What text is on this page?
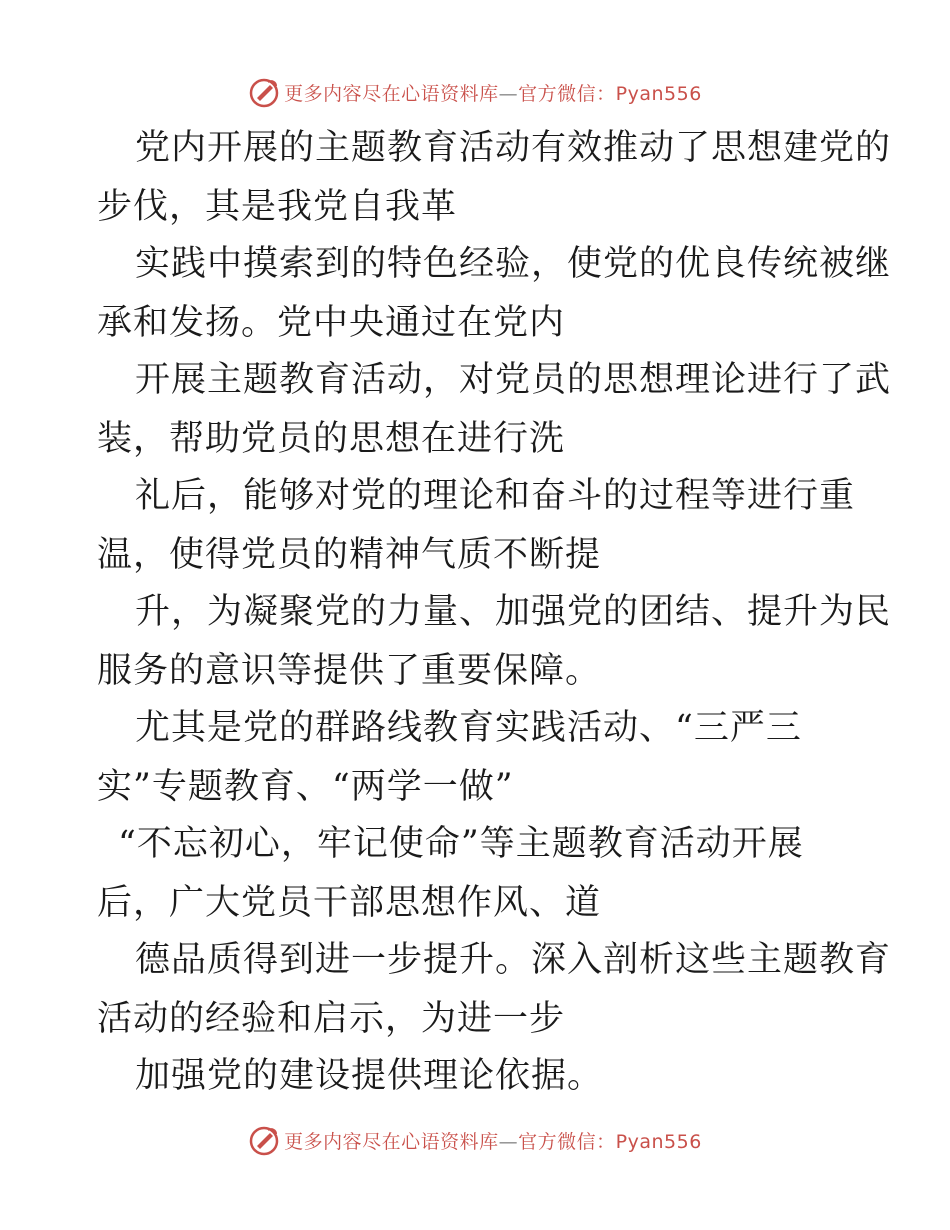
更多内容尽在心语资料库—官方微信：Pyan556
党内开展的主题教育活动有效推动了思想建党的
步伐，其是我党自我革
实践中摸索到的特色经验，使党的优良传统被继
承和发扬。党中央通过在党内
开展主题教育活动，对党员的思想理论进行了武
装，帮助党员的思想在进行洗
礼后，能够对党的理论和奋斗的过程等进行重
温，使得党员的精神气质不断提
升，为凝聚党的力量、加强党的团结、提升为民
服务的意识等提供了重要保障。
尤其是党的群路线教育实践活动、“三严三
实”专题教育、“两学一做”
“不忘初心，牢记使命”等主题教育活动开展
后，广大党员干部思想作风、道
德品质得到进一步提升。深入剖析这些主题教育
活动的经验和启示，为进一步
加强党的建设提供理论依据。
更多内容尽在心语资料库—官方微信：Pyan556
